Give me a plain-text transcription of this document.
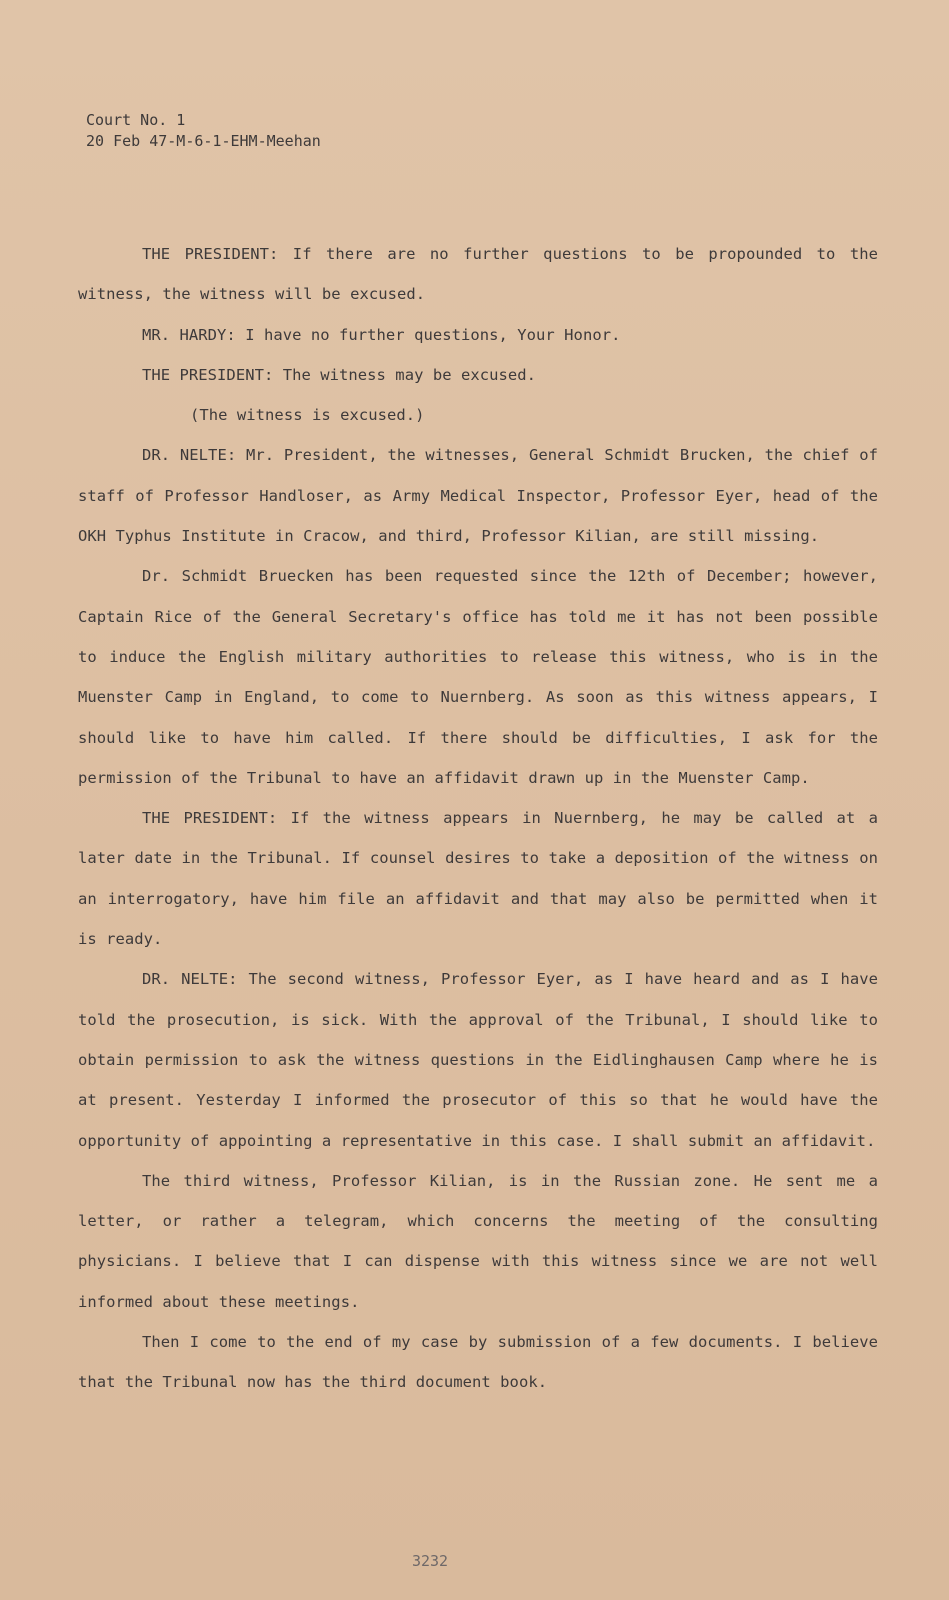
Court No. 1
20 Feb 47-M-6-1-EHM-Meehan

THE PRESIDENT: If there are no further questions to be propounded to the witness, the witness will be excused.

MR. HARDY: I have no further questions, Your Honor.

THE PRESIDENT: The witness may be excused.

(The witness is excused.)

DR. NELTE: Mr. President, the witnesses, General Schmidt Brucken, the chief of staff of Professor Handloser, as Army Medical Inspector, Professor Eyer, head of the OKH Typhus Institute in Cracow, and third, Professor Kilian, are still missing.

Dr. Schmidt Bruecken has been requested since the 12th of December; however, Captain Rice of the General Secretary's office has told me it has not been possible to induce the English military authorities to release this witness, who is in the Muenster Camp in England, to come to Nuernberg. As soon as this witness appears, I should like to have him called. If there should be difficulties, I ask for the permission of the Tribunal to have an affidavit drawn up in the Muenster Camp.

THE PRESIDENT: If the witness appears in Nuernberg, he may be called at a later date in the Tribunal. If counsel desires to take a deposition of the witness on an interrogatory, have him file an affidavit and that may also be permitted when it is ready.

DR. NELTE: The second witness, Professor Eyer, as I have heard and as I have told the prosecution, is sick. With the approval of the Tribunal, I should like to obtain permission to ask the witness questions in the Eidlinghausen Camp where he is at present. Yesterday I informed the prosecutor of this so that he would have the opportunity of appointing a representative in this case. I shall submit an affidavit.

The third witness, Professor Kilian, is in the Russian zone. He sent me a letter, or rather a telegram, which concerns the meeting of the consulting physicians. I believe that I can dispense with this witness since we are not well informed about these meetings.

Then I come to the end of my case by submission of a few documents. I believe that the Tribunal now has the third document book.

3232
